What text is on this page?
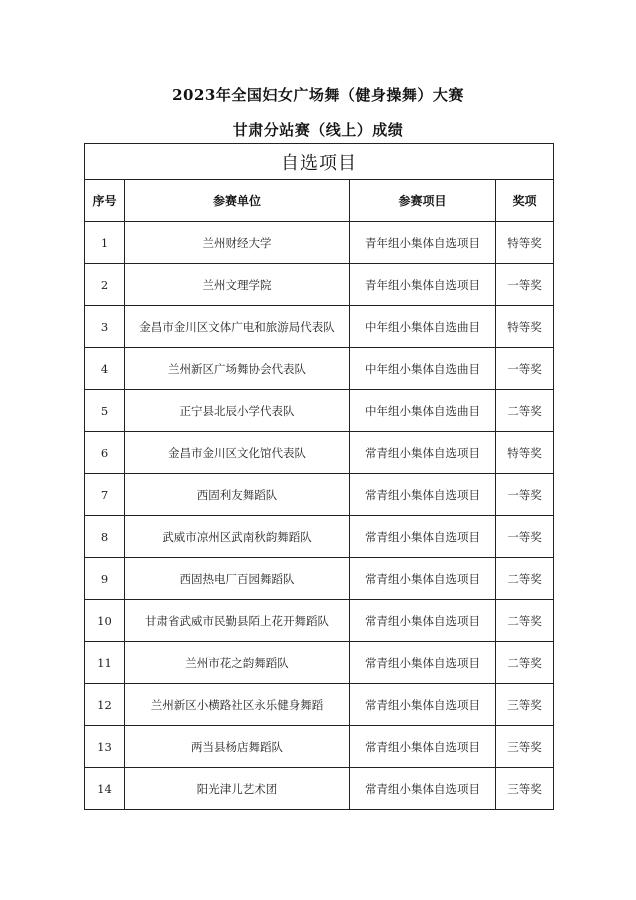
2023年全国妇女广场舞（健身操舞）大赛
甘肃分站赛（线上）成绩
自选项目			
序号	参赛单位	参赛项目	奖项
1	兰州财经大学	青年组小集体自选项目	特等奖
2	兰州文理学院	青年组小集体自选项目	一等奖
3	金昌市金川区文体广电和旅游局代表队	中年组小集体自选曲目	特等奖
4	兰州新区广场舞协会代表队	中年组小集体自选曲目	一等奖
5	正宁县北辰小学代表队	中年组小集体自选曲目	二等奖
6	金昌市金川区文化馆代表队	常青组小集体自选项目	特等奖
7	西固利友舞蹈队	常青组小集体自选项目	一等奖
8	武威市凉州区武南秋韵舞蹈队	常青组小集体自选项目	一等奖
9	西固热电厂百园舞蹈队	常青组小集体自选项目	二等奖
10	甘肃省武威市民勤县陌上花开舞蹈队	常青组小集体自选项目	二等奖
11	兰州市花之韵舞蹈队	常青组小集体自选项目	二等奖
12	兰州新区小横路社区永乐健身舞蹈	常青组小集体自选项目	三等奖
13	两当县杨店舞蹈队	常青组小集体自选项目	三等奖
14	阳光津儿艺术团	常青组小集体自选项目	三等奖
